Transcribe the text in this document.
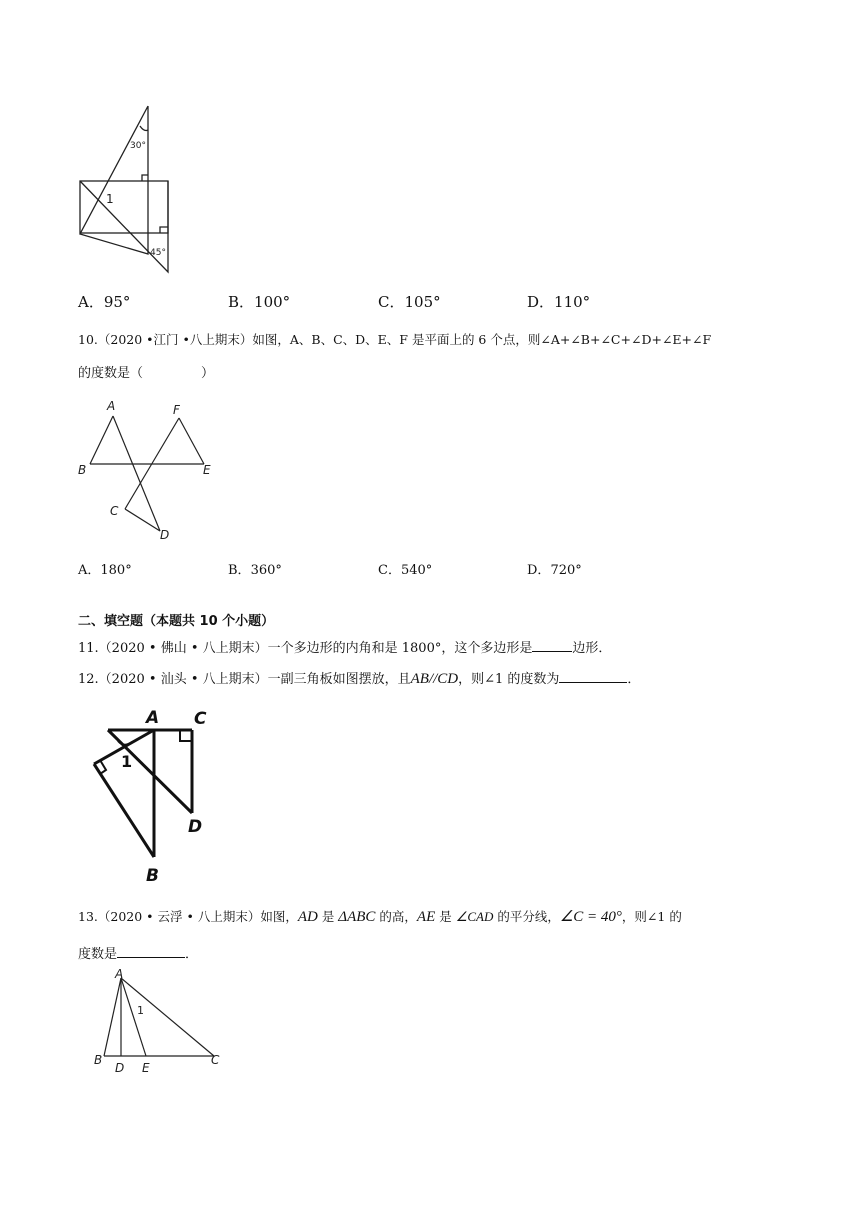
30°
1
45°
A．95°	B．100°	C．105°	D．110°
10.（2020 •江门 •八上期末）如图，A、B、C、D、E、F 是平面上的 6 个点，则∠A+∠B+∠C+∠D+∠E+∠F
的度数是（	）
A
B
C
D
E
F
A．180°	B．360°	C．540°	D．720°
二、填空题（本题共 10 个小题）
11.（2020 • 佛山 • 八上期末）一个多边形的内角和是 1800°，这个多边形是	边形．
12.（2020 • 汕头 • 八上期末）一副三角板如图摆放，且AB//CD，则∠1 的度数为	．
A C
D
B
1
13.（2020 • 云浮 • 八上期末）如图，AD 是 ΔABC 的高，AE 是 ∠CAD 的平分线，∠C = 40°，则∠1 的
度数是	．
A
B
D E
C
1
